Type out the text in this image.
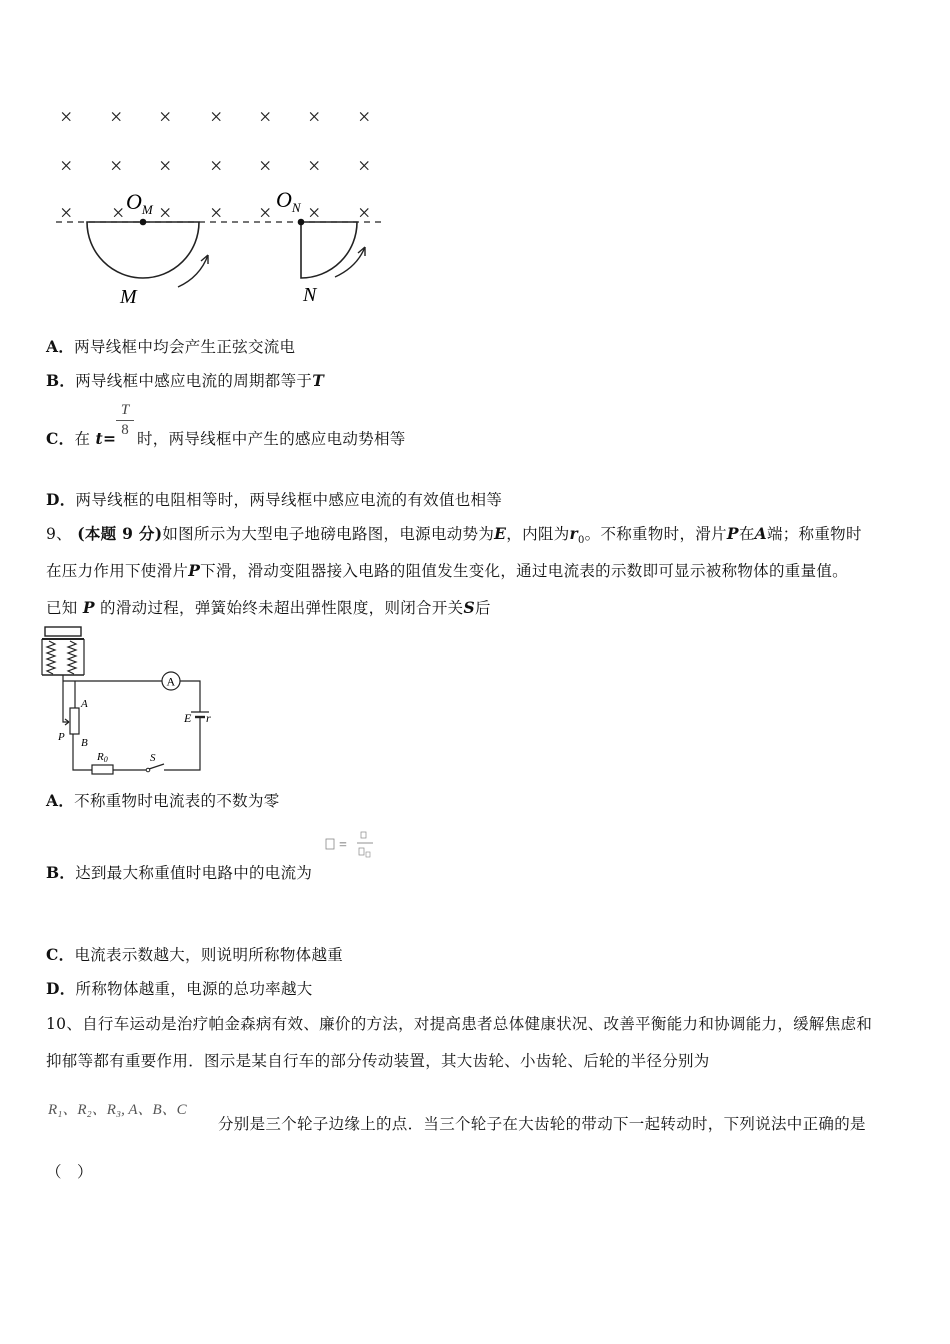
× × × × × × ×
× × × × × × ×
× × × × × × ×
$O_M$	$O_N$
M	N
A．两导线框中均会产生正弦交流电
B．两导线框中感应电流的周期都等于T
C．在 t=
T
8 时，两导线框中产生的感应电动势相等
D．两导线框的电阻相等时，两导线框中感应电流的有效值也相等
9、 (本题 9 分)如图所示为大型电子地磅电路图，电源电动势为E，内阻为$r_0$。不称重物时，滑片P在A端；称重物时
在压力作用下使滑片P下滑，滑动变阻器接入电路的阻值发生变化，通过电流表的示数即可显示被称物体的重量值。
已知 P 的滑动过程，弹簧始终未超出弹性限度，则闭合开关S后
A
E r
S
R0
A
B
P
A．不称重物时电流表的不数为零
=
B．达到最大称重值时电路中的电流为
C．电流表示数越大，则说明所称物体越重
D．所称物体越重，电源的总功率越大
10、自行车运动是治疗帕金森病有效、廉价的方法，对提高患者总体健康状况、改善平衡能力和协调能力，缓解焦虑和
抑郁等都有重要作用．图示是某自行车的部分传动装置，其大齿轮、小齿轮、后轮的半径分别为
R₁、R₂、R₃, A、B、C
分别是三个轮子边缘上的点．当三个轮子在大齿轮的带动下一起转动时，下列说法中正确的是
（　）
